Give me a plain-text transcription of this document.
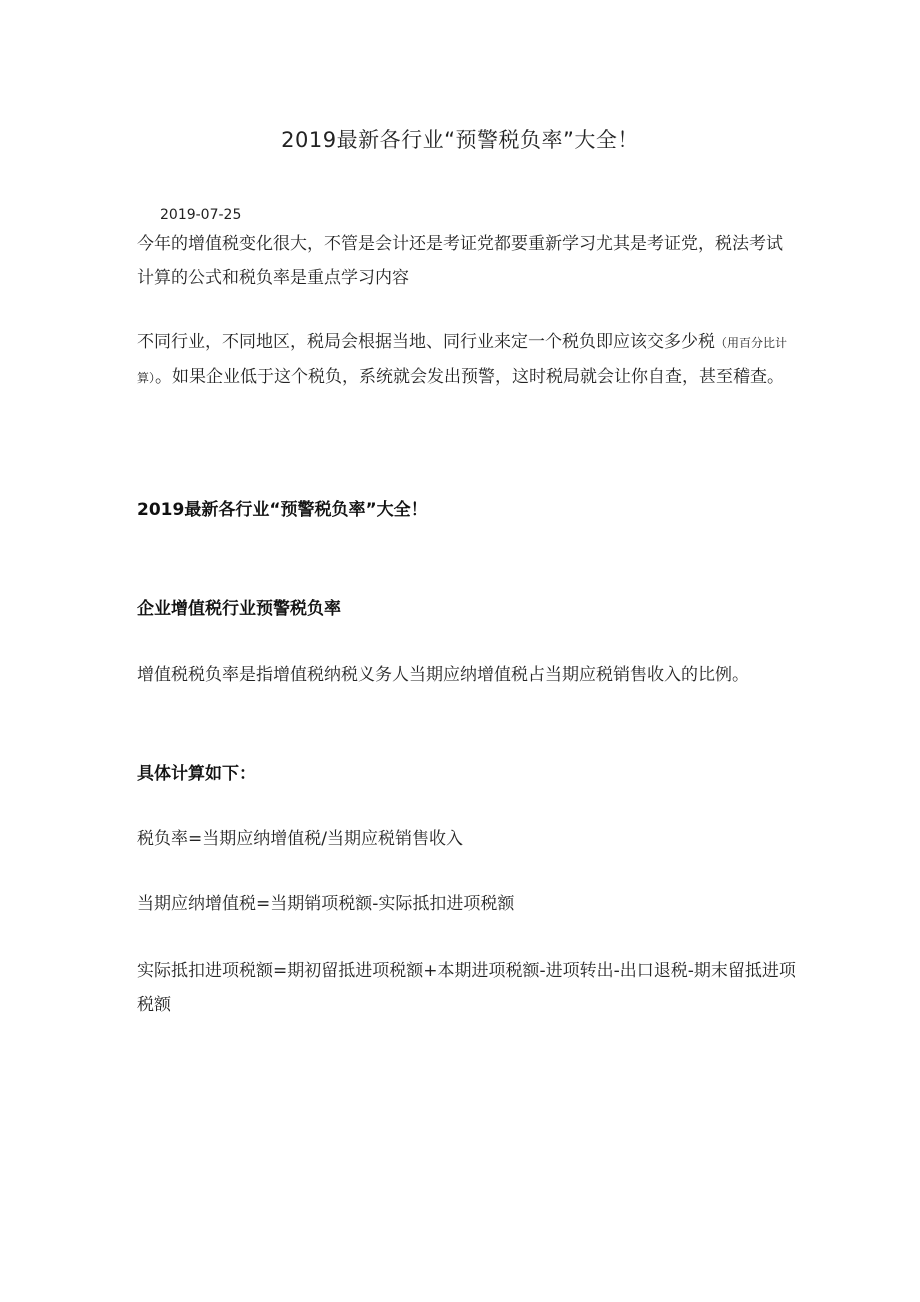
2019最新各行业“预警税负率”大全！
2019-07-25
今年的增值税变化很大，不管是会计还是考证党都要重新学习尤其是考证党，税法考试计算的公式和税负率是重点学习内容
不同行业，不同地区，税局会根据当地、同行业来定一个税负即应该交多少税（用百分比计算）。如果企业低于这个税负，系统就会发出预警，这时税局就会让你自查，甚至稽查。
2019最新各行业“预警税负率”大全！
企业增值税行业预警税负率
增值税税负率是指增值税纳税义务人当期应纳增值税占当期应税销售收入的比例。
具体计算如下：
税负率=当期应纳增值税/当期应税销售收入
当期应纳增值税=当期销项税额-实际抵扣进项税额
实际抵扣进项税额=期初留抵进项税额+本期进项税额-进项转出-出口退税-期末留抵进项税额
